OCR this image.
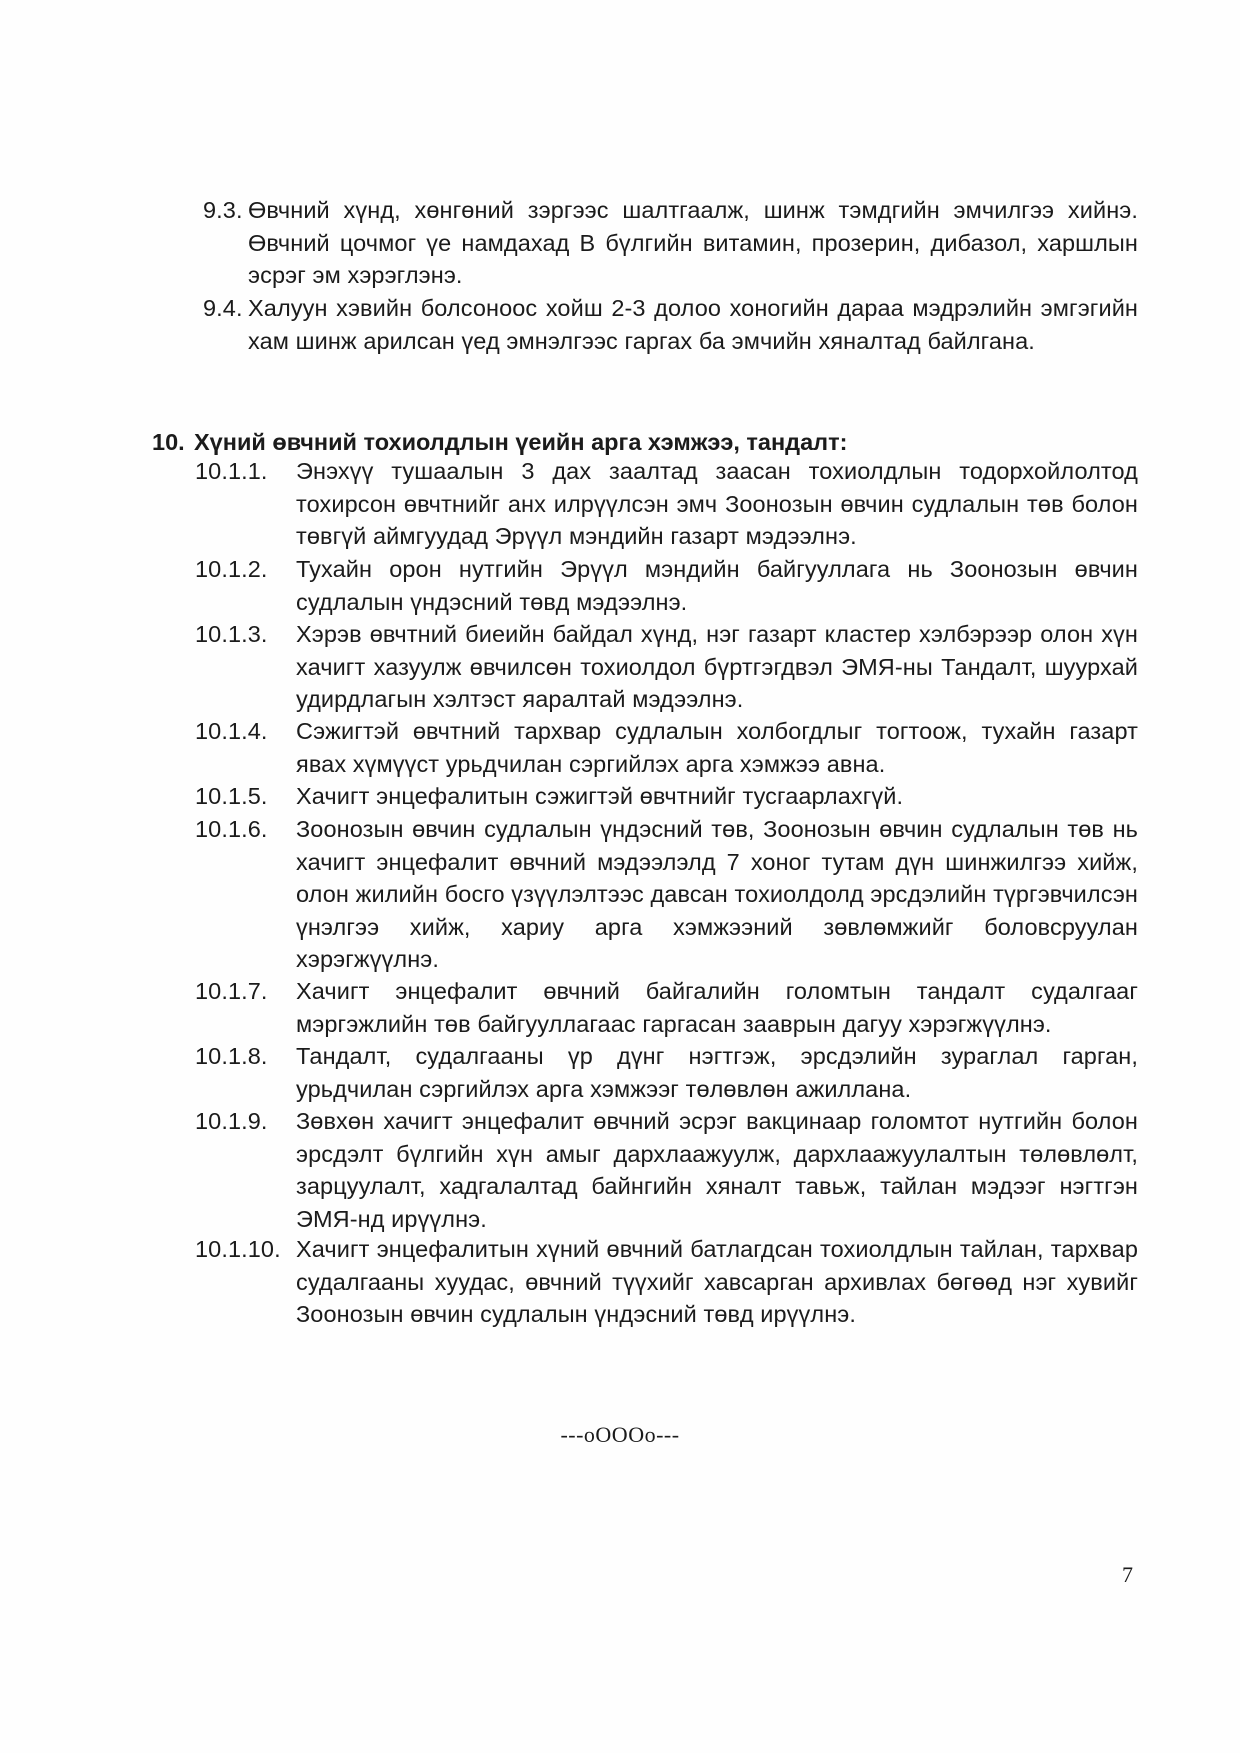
9.3. Өвчний хүнд, хөнгөний зэргээс шалтгаалж, шинж тэмдгийн эмчилгээ хийнэ. Өвчний цочмог үе намдахад В бүлгийн витамин, прозерин, дибазол, харшлын эсрэг эм хэрэглэнэ.
9.4. Халуун хэвийн болсоноос хойш 2-3 долоо хоногийн дараа мэдрэлийн эмгэгийн хам шинж арилсан үед эмнэлгээс гаргах ба эмчийн хяналтад байлгана.
10. Хүний өвчний тохиолдлын үеийн арга хэмжээ, тандалт:
10.1.1. Энэхүү тушаалын 3 дах заалтад заасан тохиолдлын тодорхойлолтод тохирсон өвчтнийг анх илрүүлсэн эмч Зоонозын өвчин судлалын төв болон төвгүй аймгуудад Эрүүл мэндийн газарт мэдээлнэ.
10.1.2. Тухайн орон нутгийн Эрүүл мэндийн байгууллага нь Зоонозын өвчин судлалын үндэсний төвд мэдээлнэ.
10.1.3. Хэрэв өвчтний биеийн байдал хүнд, нэг газарт кластер хэлбэрээр олон хүн хачигт хазуулж өвчилсөн тохиолдол бүртгэгдвэл ЭМЯ-ны Тандалт, шуурхай удирдлагын хэлтэст яаралтай мэдээлнэ.
10.1.4. Сэжигтэй өвчтний тархвар судлалын холбогдлыг тогтоож, тухайн газарт явах хүмүүст урьдчилан сэргийлэх арга хэмжээ авна.
10.1.5. Хачигт энцефалитын сэжигтэй өвчтнийг тусгаарлахгүй.
10.1.6. Зоонозын өвчин судлалын үндэсний төв, Зоонозын өвчин судлалын төв нь хачигт энцефалит өвчний мэдээлэлд 7 хоног тутам дүн шинжилгээ хийж, олон жилийн босго үзүүлэлтээс давсан тохиолдолд эрсдэлийн түргэвчилсэн үнэлгээ хийж, хариу арга хэмжээний зөвлөмжийг боловсруулан хэрэгжүүлнэ.
10.1.7. Хачигт энцефалит өвчний байгалийн голомтын тандалт судалгааг мэргэжлийн төв байгууллагаас гаргасан зааврын дагуу хэрэгжүүлнэ.
10.1.8. Тандалт, судалгааны үр дүнг нэгтгэж, эрсдэлийн зураглал гарган, урьдчилан сэргийлэх арга хэмжээг төлөвлөн ажиллана.
10.1.9. Зөвхөн хачигт энцефалит өвчний эсрэг вакцинаар голомтот нутгийн болон эрсдэлт бүлгийн хүн амыг дархлаажуулж, дархлаажуулалтын төлөвлөлт, зарцуулалт, хадгалалтад байнгийн хяналт тавьж, тайлан мэдээг нэгтгэн ЭМЯ-нд ирүүлнэ.
10.1.10. Хачигт энцефалитын хүний өвчний батлагдсан тохиолдлын тайлан, тархвар судалгааны хуудас, өвчний түүхийг хавсарган архивлах бөгөөд нэг хувийг Зоонозын өвчин судлалын үндэсний төвд ирүүлнэ.
---oOOOo---
7
